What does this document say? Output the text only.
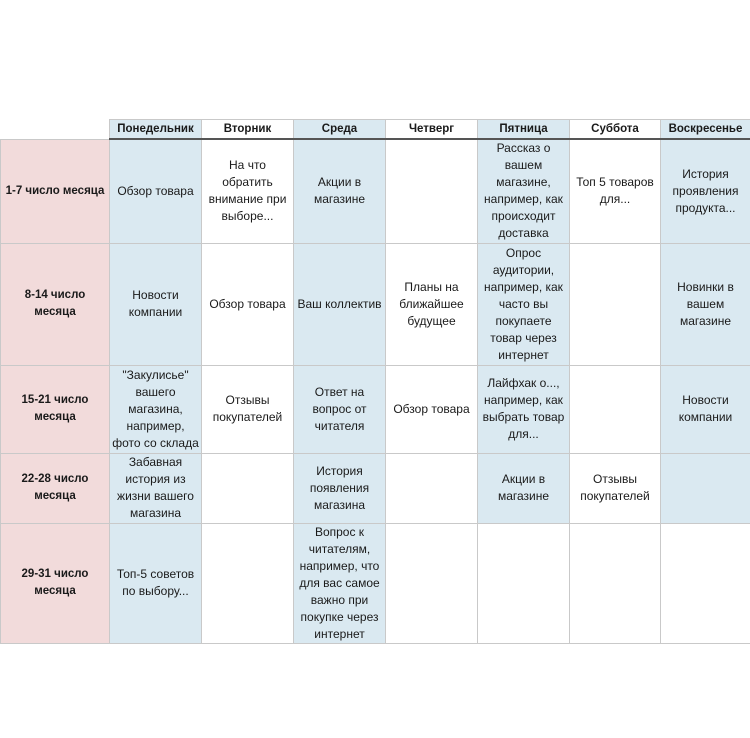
	Понедельник	Вторник	Среда	Четверг	Пятница	Суббота	Воскресенье
1-7 число месяца	Обзор товара	На что обратить внимание при выборе...	Акции в магазине		Рассказ о вашем магазине, например, как происходит доставка	Топ 5 товаров для...	История проявления продукта...
8-14 число месяца	Новости компании	Обзор товара	Ваш коллектив	Планы на ближайшее будущее	Опрос аудитории, например, как часто вы покупаете товар через интернет		Новинки в вашем магазине
15-21 число месяца	"Закулисье" вашего магазина, например, фото со склада	Отзывы покупателей	Ответ на вопрос от читателя	Обзор товара	Лайфхак о..., например, как выбрать товар для...		Новости компании
22-28 число месяца	Забавная история из жизни вашего магазина		История появления магазина		Акции в магазине	Отзывы покупателей	
29-31 число месяца	Топ-5 советов по выбору...		Вопрос к читателям, например, что для вас самое важно при покупке через интернет				
